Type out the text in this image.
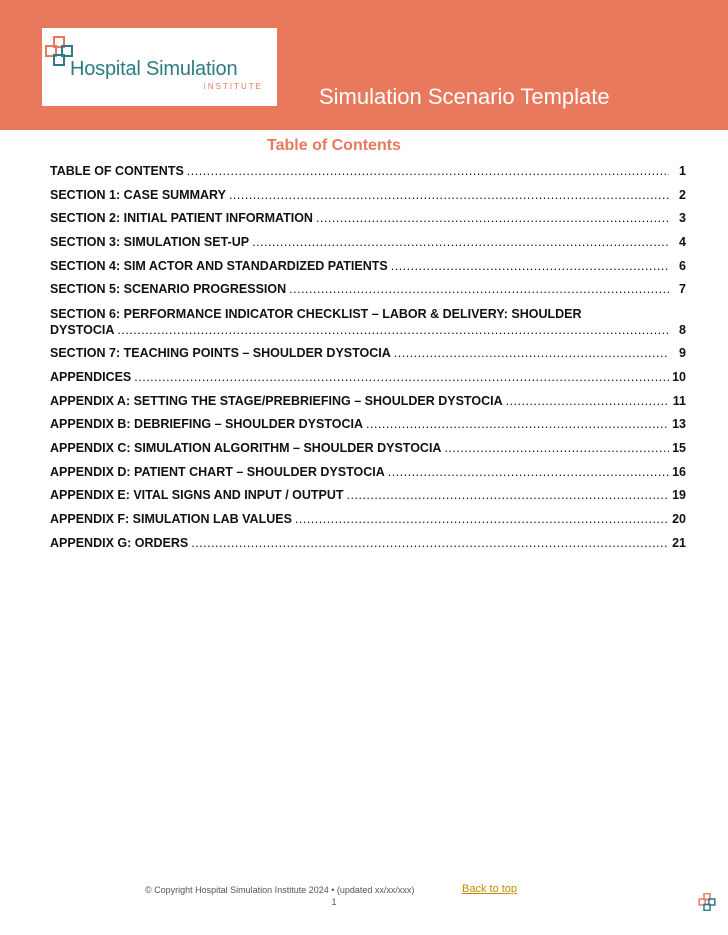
Hospital Simulation
INSTITUTE	Simulation Scenario Template
Table of Contents
TABLE OF CONTENTS .....	1
SECTION 1: CASE SUMMARY .....	2
SECTION 2: INITIAL PATIENT INFORMATION .....	3
SECTION 3: SIMULATION SET-UP .....	4
SECTION 4: SIM ACTOR AND STANDARDIZED PATIENTS .....	6
SECTION 5: SCENARIO PROGRESSION .....	7
SECTION 6: PERFORMANCE INDICATOR CHECKLIST – LABOR & DELIVERY: SHOULDER
DYSTOCIA .....	8
SECTION 7: TEACHING POINTS – SHOULDER DYSTOCIA .....	9
APPENDICES .....	10
APPENDIX A: SETTING THE STAGE/PREBRIEFING – SHOULDER DYSTOCIA .....	11
APPENDIX B: DEBRIEFING – SHOULDER DYSTOCIA .....	13
APPENDIX C: SIMULATION ALGORITHM – SHOULDER DYSTOCIA .....	15
APPENDIX D: PATIENT CHART – SHOULDER DYSTOCIA .....	16
APPENDIX E: VITAL SIGNS AND INPUT / OUTPUT .....	19
APPENDIX F: SIMULATION LAB VALUES .....	20
APPENDIX G: ORDERS .....	21
© Copyright Hospital Simulation Institute 2024 • (updated xx/xx/xxx)	Back to top
1
